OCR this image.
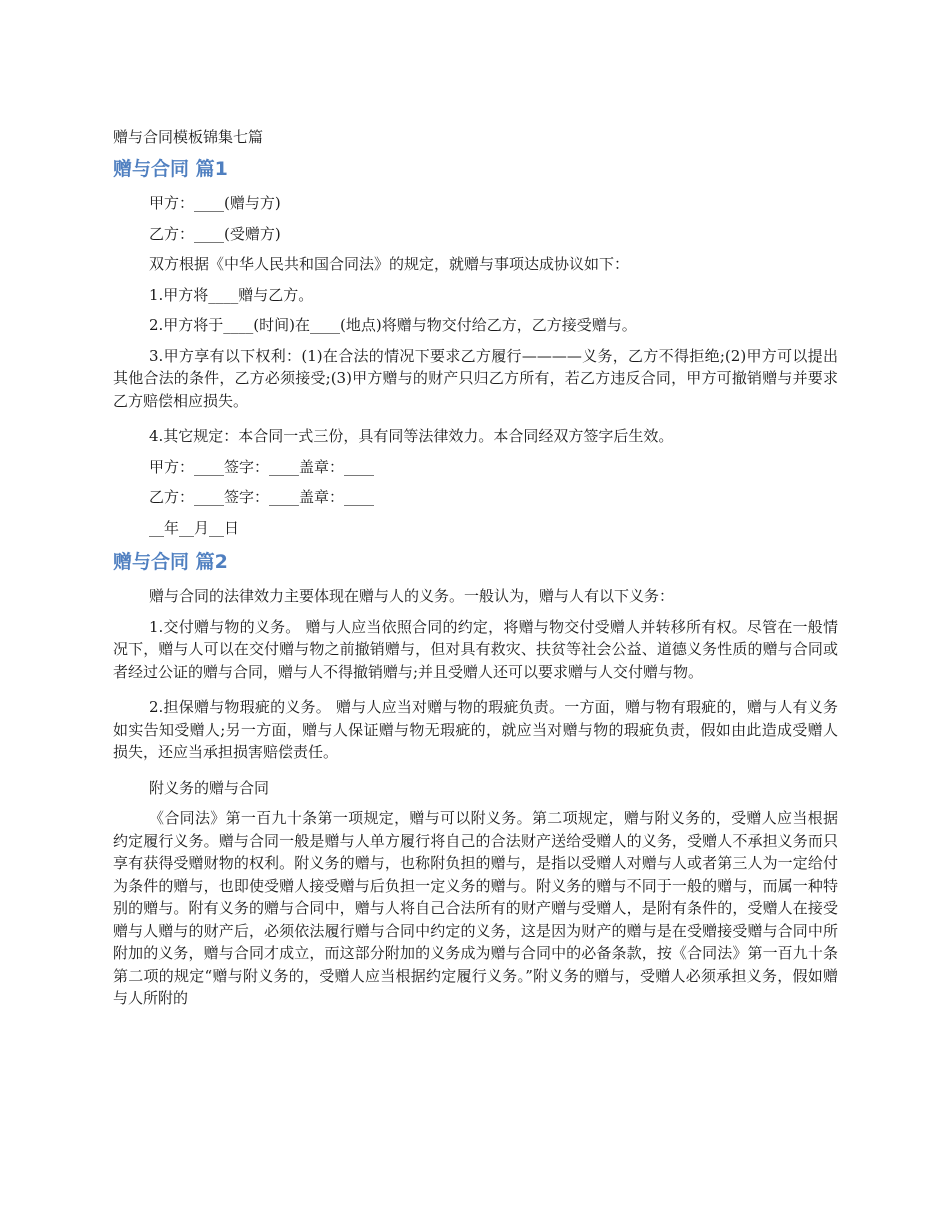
赠与合同模板锦集七篇
赠与合同 篇1
甲方：____(赠与方)
乙方：____(受赠方)
双方根据《中华人民共和国合同法》的规定，就赠与事项达成协议如下：
1.甲方将____赠与乙方。
2.甲方将于____(时间)在____(地点)将赠与物交付给乙方，乙方接受赠与。
3.甲方享有以下权利：(1)在合法的情况下要求乙方履行————义务，乙方不得拒绝;(2)甲方可以提出其他合法的条件，乙方必须接受;(3)甲方赠与的财产只归乙方所有，若乙方违反合同，甲方可撤销赠与并要求乙方赔偿相应损失。
4.其它规定：本合同一式三份，具有同等法律效力。本合同经双方签字后生效。
甲方：____签字：____盖章：____
乙方：____签字：____盖章：____
__年__月__日
赠与合同 篇2
赠与合同的法律效力主要体现在赠与人的义务。一般认为，赠与人有以下义务：
1.交付赠与物的义务。 赠与人应当依照合同的约定，将赠与物交付受赠人并转移所有权。尽管在一般情况下，赠与人可以在交付赠与物之前撤销赠与，但对具有救灾、扶贫等社会公益、道德义务性质的赠与合同或者经过公证的赠与合同，赠与人不得撤销赠与;并且受赠人还可以要求赠与人交付赠与物。
2.担保赠与物瑕疵的义务。 赠与人应当对赠与物的瑕疵负责。一方面，赠与物有瑕疵的，赠与人有义务如实告知受赠人;另一方面，赠与人保证赠与物无瑕疵的，就应当对赠与物的瑕疵负责，假如由此造成受赠人损失，还应当承担损害赔偿责任。
附义务的赠与合同
《合同法》第一百九十条第一项规定，赠与可以附义务。第二项规定，赠与附义务的，受赠人应当根据约定履行义务。赠与合同一般是赠与人单方履行将自己的合法财产送给受赠人的义务，受赠人不承担义务而只享有获得受赠财物的权利。附义务的赠与，也称附负担的赠与，是指以受赠人对赠与人或者第三人为一定给付为条件的赠与，也即使受赠人接受赠与后负担一定义务的赠与。附义务的赠与不同于一般的赠与，而属一种特别的赠与。附有义务的赠与合同中，赠与人将自己合法所有的财产赠与受赠人，是附有条件的，受赠人在接受赠与人赠与的财产后，必须依法履行赠与合同中约定的义务，这是因为财产的赠与是在受赠接受赠与合同中所附加的义务，赠与合同才成立，而这部分附加的义务成为赠与合同中的必备条款，按《合同法》第一百九十条第二项的规定“赠与附义务的，受赠人应当根据约定履行义务。”附义务的赠与，受赠人必须承担义务，假如赠与人所附的
